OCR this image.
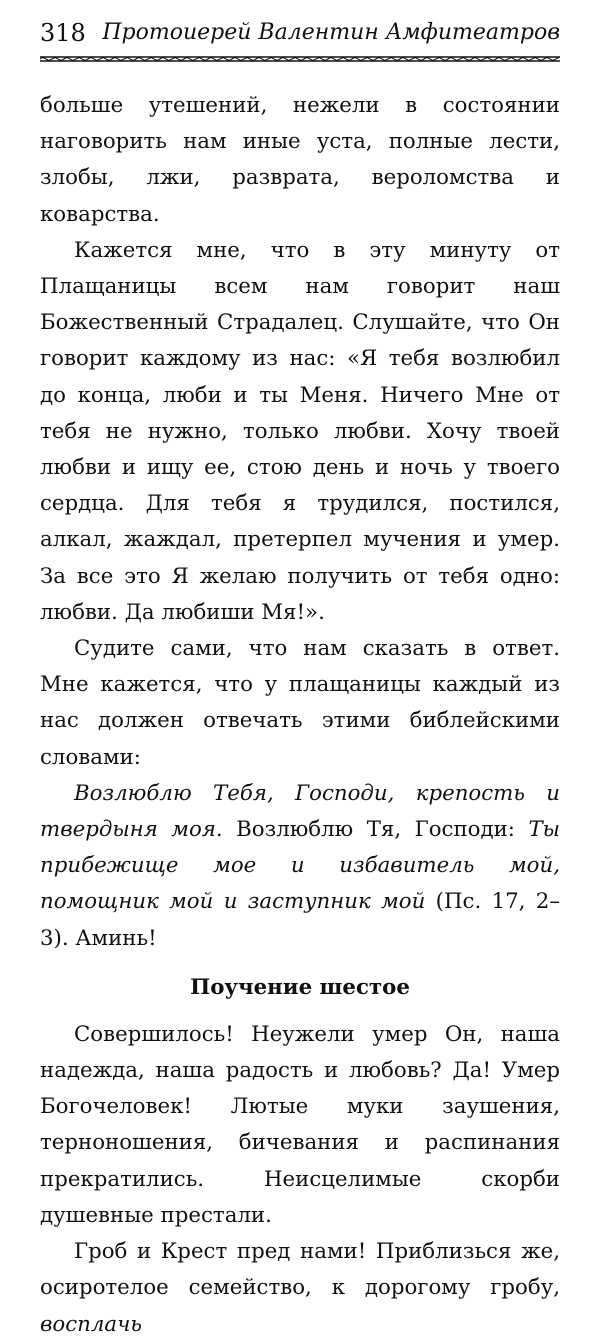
318 Протоиерей Валентин Амфитеатров

больше утешений, нежели в состоянии наговорить нам иные уста, полные лести, злобы, лжи, разврата, вероломства и коварства.

Кажется мне, что в эту минуту от Плащаницы всем нам говорит наш Божественный Страдалец. Слушайте, что Он говорит каждому из нас: «Я тебя возлюбил до конца, люби и ты Меня. Ничего Мне от тебя не нужно, только любви. Хочу твоей любви и ищу ее, стою день и ночь у твоего сердца. Для тебя я трудился, постился, алкал, жаждал, претерпел мучения и умер. За все это Я желаю получить от тебя одно: любви. Да любиши Мя!».

Судите сами, что нам сказать в ответ. Мне кажется, что у плащаницы каждый из нас должен отвечать этими библейскими словами:

Возлюблю Тебя, Господи, крепость и твердыня моя. Возлюблю Тя, Господи: Ты прибежище мое и избавитель мой, помощник мой и заступник мой (Пс. 17, 2–3). Аминь!

Поучение шестое

Совершилось! Неужели умер Он, наша надежда, наша радость и любовь? Да! Умер Богочеловек! Лютые муки заушения, терноношения, бичевания и распинания прекратились. Неисцелимые скорби душевные престали.

Гроб и Крест пред нами! Приблизься же, осиротелое семейство, к дорогому гробу, восплачь
